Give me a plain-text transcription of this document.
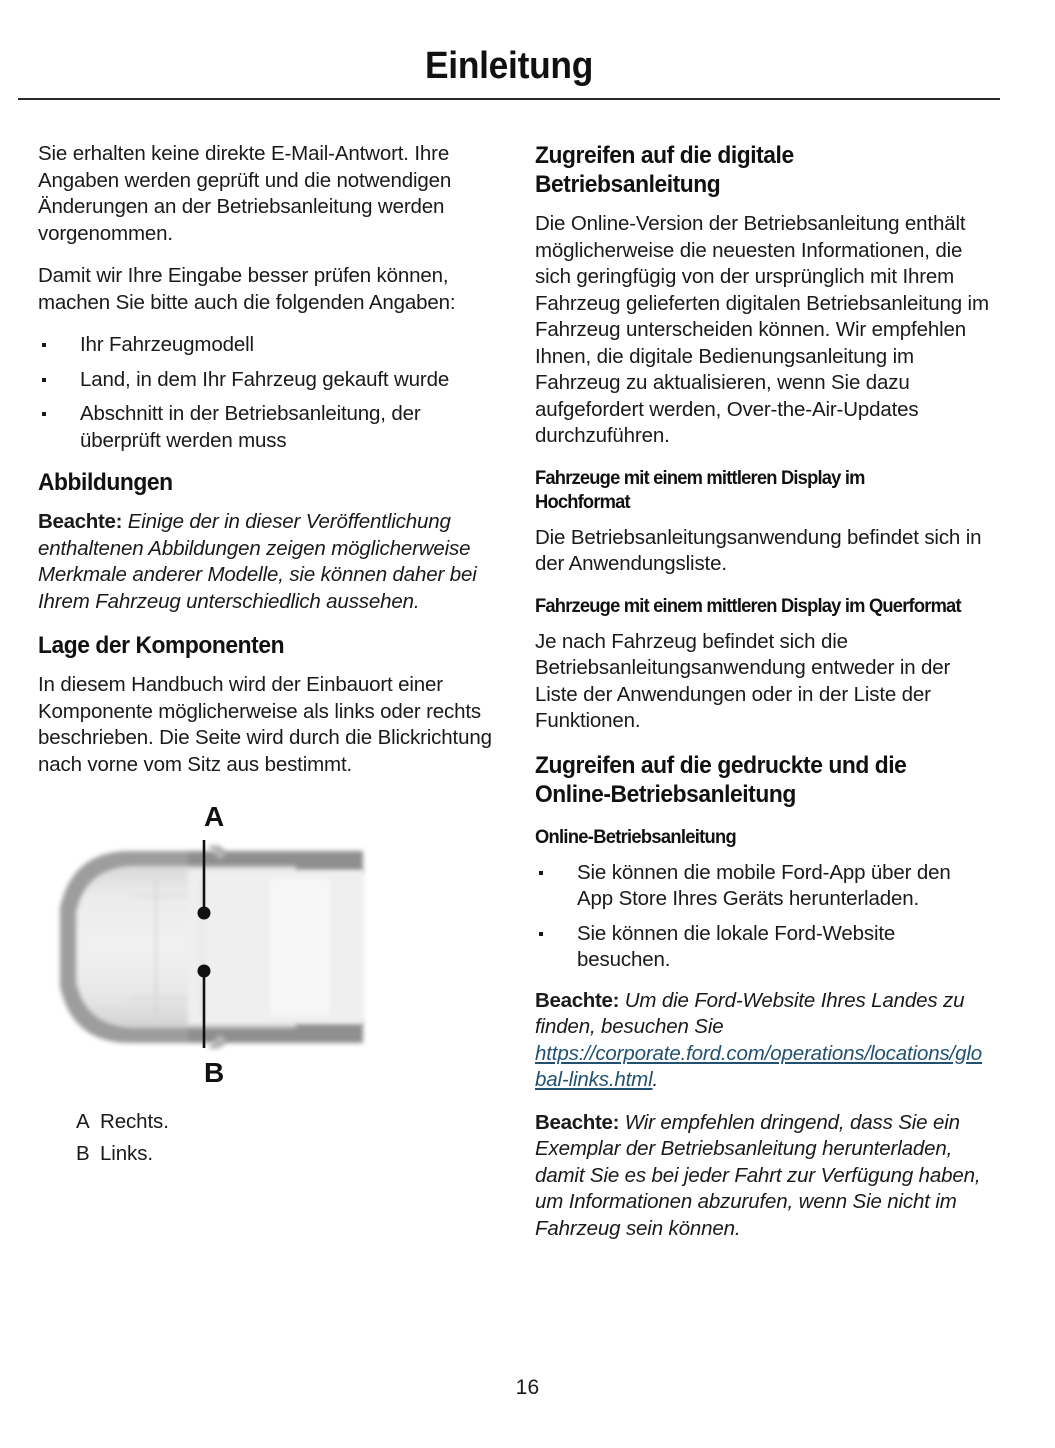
Einleitung

Sie erhalten keine direkte E-Mail-Antwort. Ihre Angaben werden geprüft und die notwendigen Änderungen an der Betriebsanleitung werden vorgenommen.

Damit wir Ihre Eingabe besser prüfen können, machen Sie bitte auch die folgenden Angaben:

Ihr Fahrzeugmodell
Land, in dem Ihr Fahrzeug gekauft wurde
Abschnitt in der Betriebsanleitung, der überprüft werden muss
Abbildungen

Beachte: Einige der in dieser Veröffentlichung enthaltenen Abbildungen zeigen möglicherweise Merkmale anderer Modelle, sie können daher bei Ihrem Fahrzeug unterschiedlich aussehen.

Lage der Komponenten

In diesem Handbuch wird der Einbauort einer Komponente möglicherweise als links oder rechts beschrieben. Die Seite wird durch die Blickrichtung nach vorne vom Sitz aus bestimmt.

A
B
A Rechts.
B Links.
Zugreifen auf die digitale Betriebsanleitung

Die Online-Version der Betriebsanleitung enthält möglicherweise die neuesten Informationen, die sich geringfügig von der ursprünglich mit Ihrem Fahrzeug gelieferten digitalen Betriebsanleitung im Fahrzeug unterscheiden können. Wir empfehlen Ihnen, die digitale Bedienungsanleitung im Fahrzeug zu aktualisieren, wenn Sie dazu aufgefordert werden, Over-the-Air-Updates durchzuführen.

Fahrzeuge mit einem mittleren Display im Hochformat

Die Betriebsanleitungsanwendung befindet sich in der Anwendungsliste.

Fahrzeuge mit einem mittleren Display im Querformat

Je nach Fahrzeug befindet sich die Betriebsanleitungsanwendung entweder in der Liste der Anwendungen oder in der Liste der Funktionen.

Zugreifen auf die gedruckte und die Online-Betriebsanleitung
Online-Betriebsanleitung
Sie können die mobile Ford-App über den App Store Ihres Geräts herunterladen.
Sie können die lokale Ford-Website besuchen.

Beachte: Um die Ford-Website Ihres Landes zu finden, besuchen Sie https://corporate.ford.com/operations/locations/global-links.html.

Beachte: Wir empfehlen dringend, dass Sie ein Exemplar der Betriebsanleitung herunterladen, damit Sie es bei jeder Fahrt zur Verfügung haben, um Informationen abzurufen, wenn Sie nicht im Fahrzeug sein können.

16
